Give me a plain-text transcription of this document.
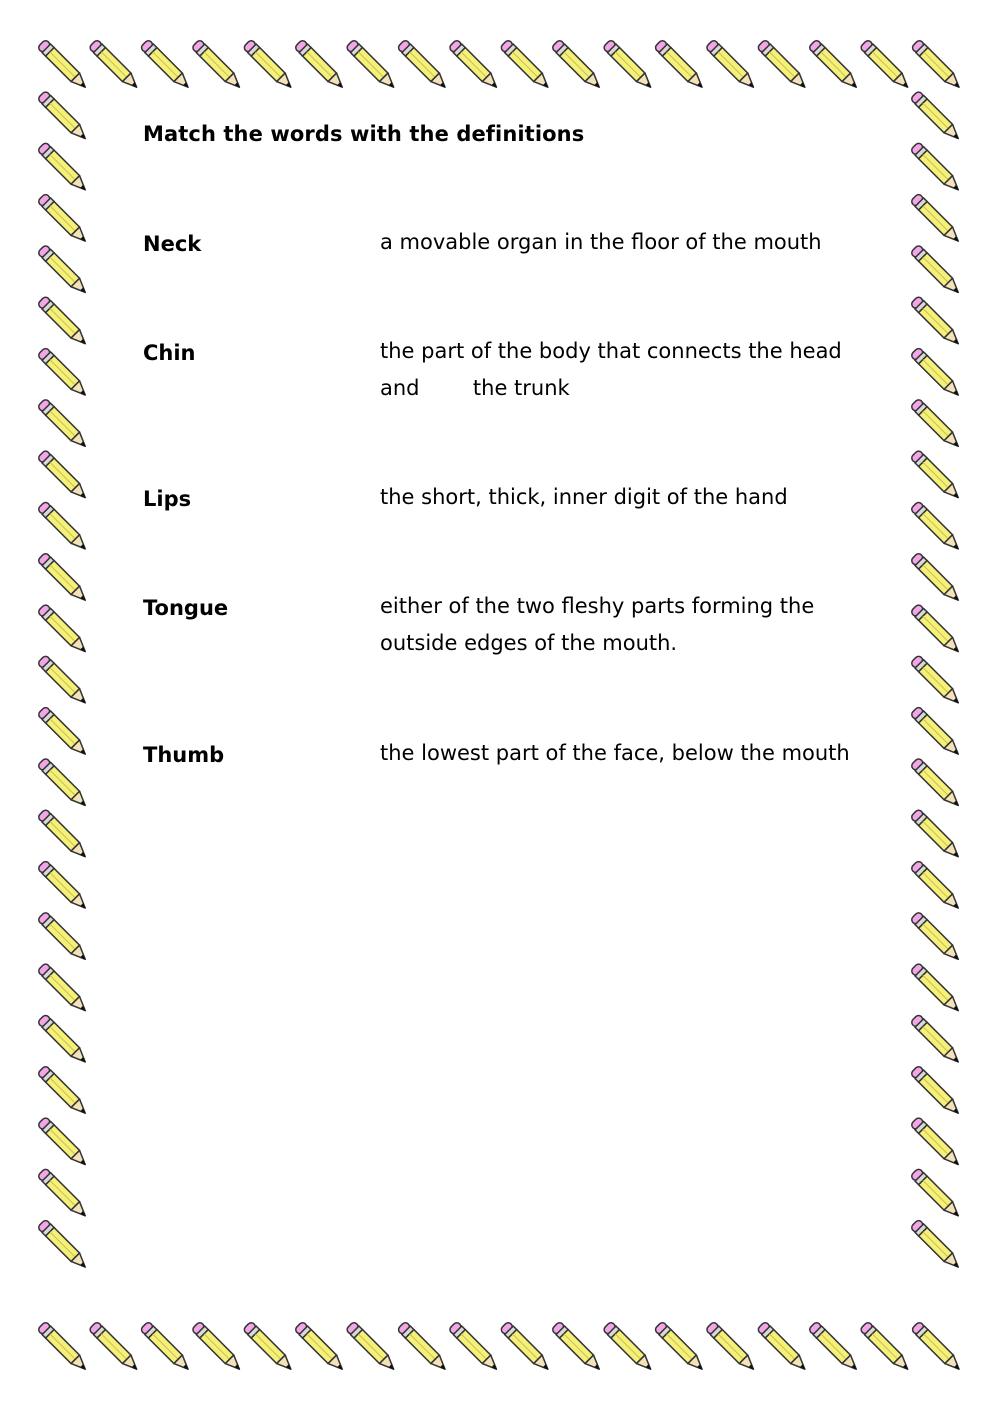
Match the words with the definitions
Neck	a movable organ in the floor of the mouth
Chin	the part of the body that connects the head and        the trunk
Lips	the short, thick, inner digit of the hand
Tongue	either of the two fleshy parts forming the outside edges of the mouth.
Thumb	the lowest part of the face, below the mouth
